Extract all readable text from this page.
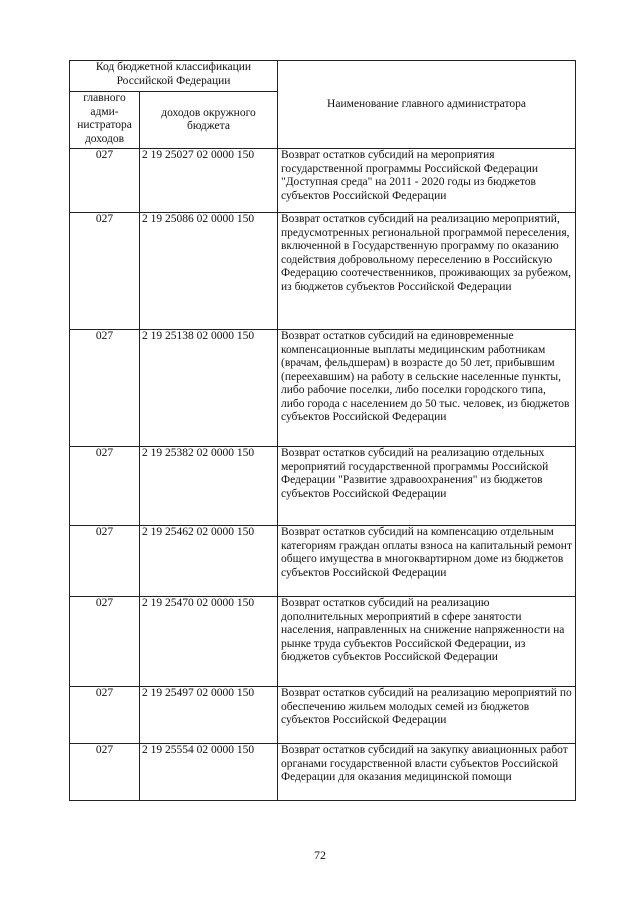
Код бюджетной классификации Российской Федерации		Наименование главного администратора
главного адми-нистратора доходов	доходов окружного бюджета	
027	2 19 25027 02 0000 150	Возврат остатков субсидий на мероприятия государственной программы Российской Федерации "Доступная среда" на 2011 - 2020 годы из бюджетов субъектов Российской Федерации
027	2 19 25086 02 0000 150	Возврат остатков субсидий на реализацию мероприятий, предусмотренных региональной программой переселения, включенной в Государственную программу по оказанию содействия добровольному переселению в Российскую Федерацию соотечественников, проживающих за рубежом, из бюджетов субъектов Российской Федерации
027	2 19 25138 02 0000 150	Возврат остатков субсидий на единовременные компенсационные выплаты медицинским работникам (врачам, фельдшерам) в возрасте до 50 лет, прибывшим (переехавшим) на работу в сельские населенные пункты, либо рабочие поселки, либо поселки городского типа, либо города с населением до 50 тыс. человек, из бюджетов субъектов Российской Федерации
027	2 19 25382 02 0000 150	Возврат остатков субсидий на реализацию отдельных мероприятий государственной программы Российской Федерации "Развитие здравоохранения" из бюджетов субъектов Российской Федерации
027	2 19 25462 02 0000 150	Возврат остатков субсидий на компенсацию отдельным категориям граждан оплаты взноса на капитальный ремонт общего имущества в многоквартирном доме из бюджетов субъектов Российской Федерации
027	2 19 25470 02 0000 150	Возврат остатков субсидий на реализацию дополнительных мероприятий в сфере занятости населения, направленных на снижение напряженности на рынке труда субъектов Российской Федерации, из бюджетов субъектов Российской Федерации
027	2 19 25497 02 0000 150	Возврат остатков субсидий на реализацию мероприятий по обеспечению жильем молодых семей из бюджетов субъектов Российской Федерации
027	2 19 25554 02 0000 150	Возврат остатков субсидий на закупку авиационных работ органами государственной власти субъектов Российской Федерации для оказания медицинской помощи
72
